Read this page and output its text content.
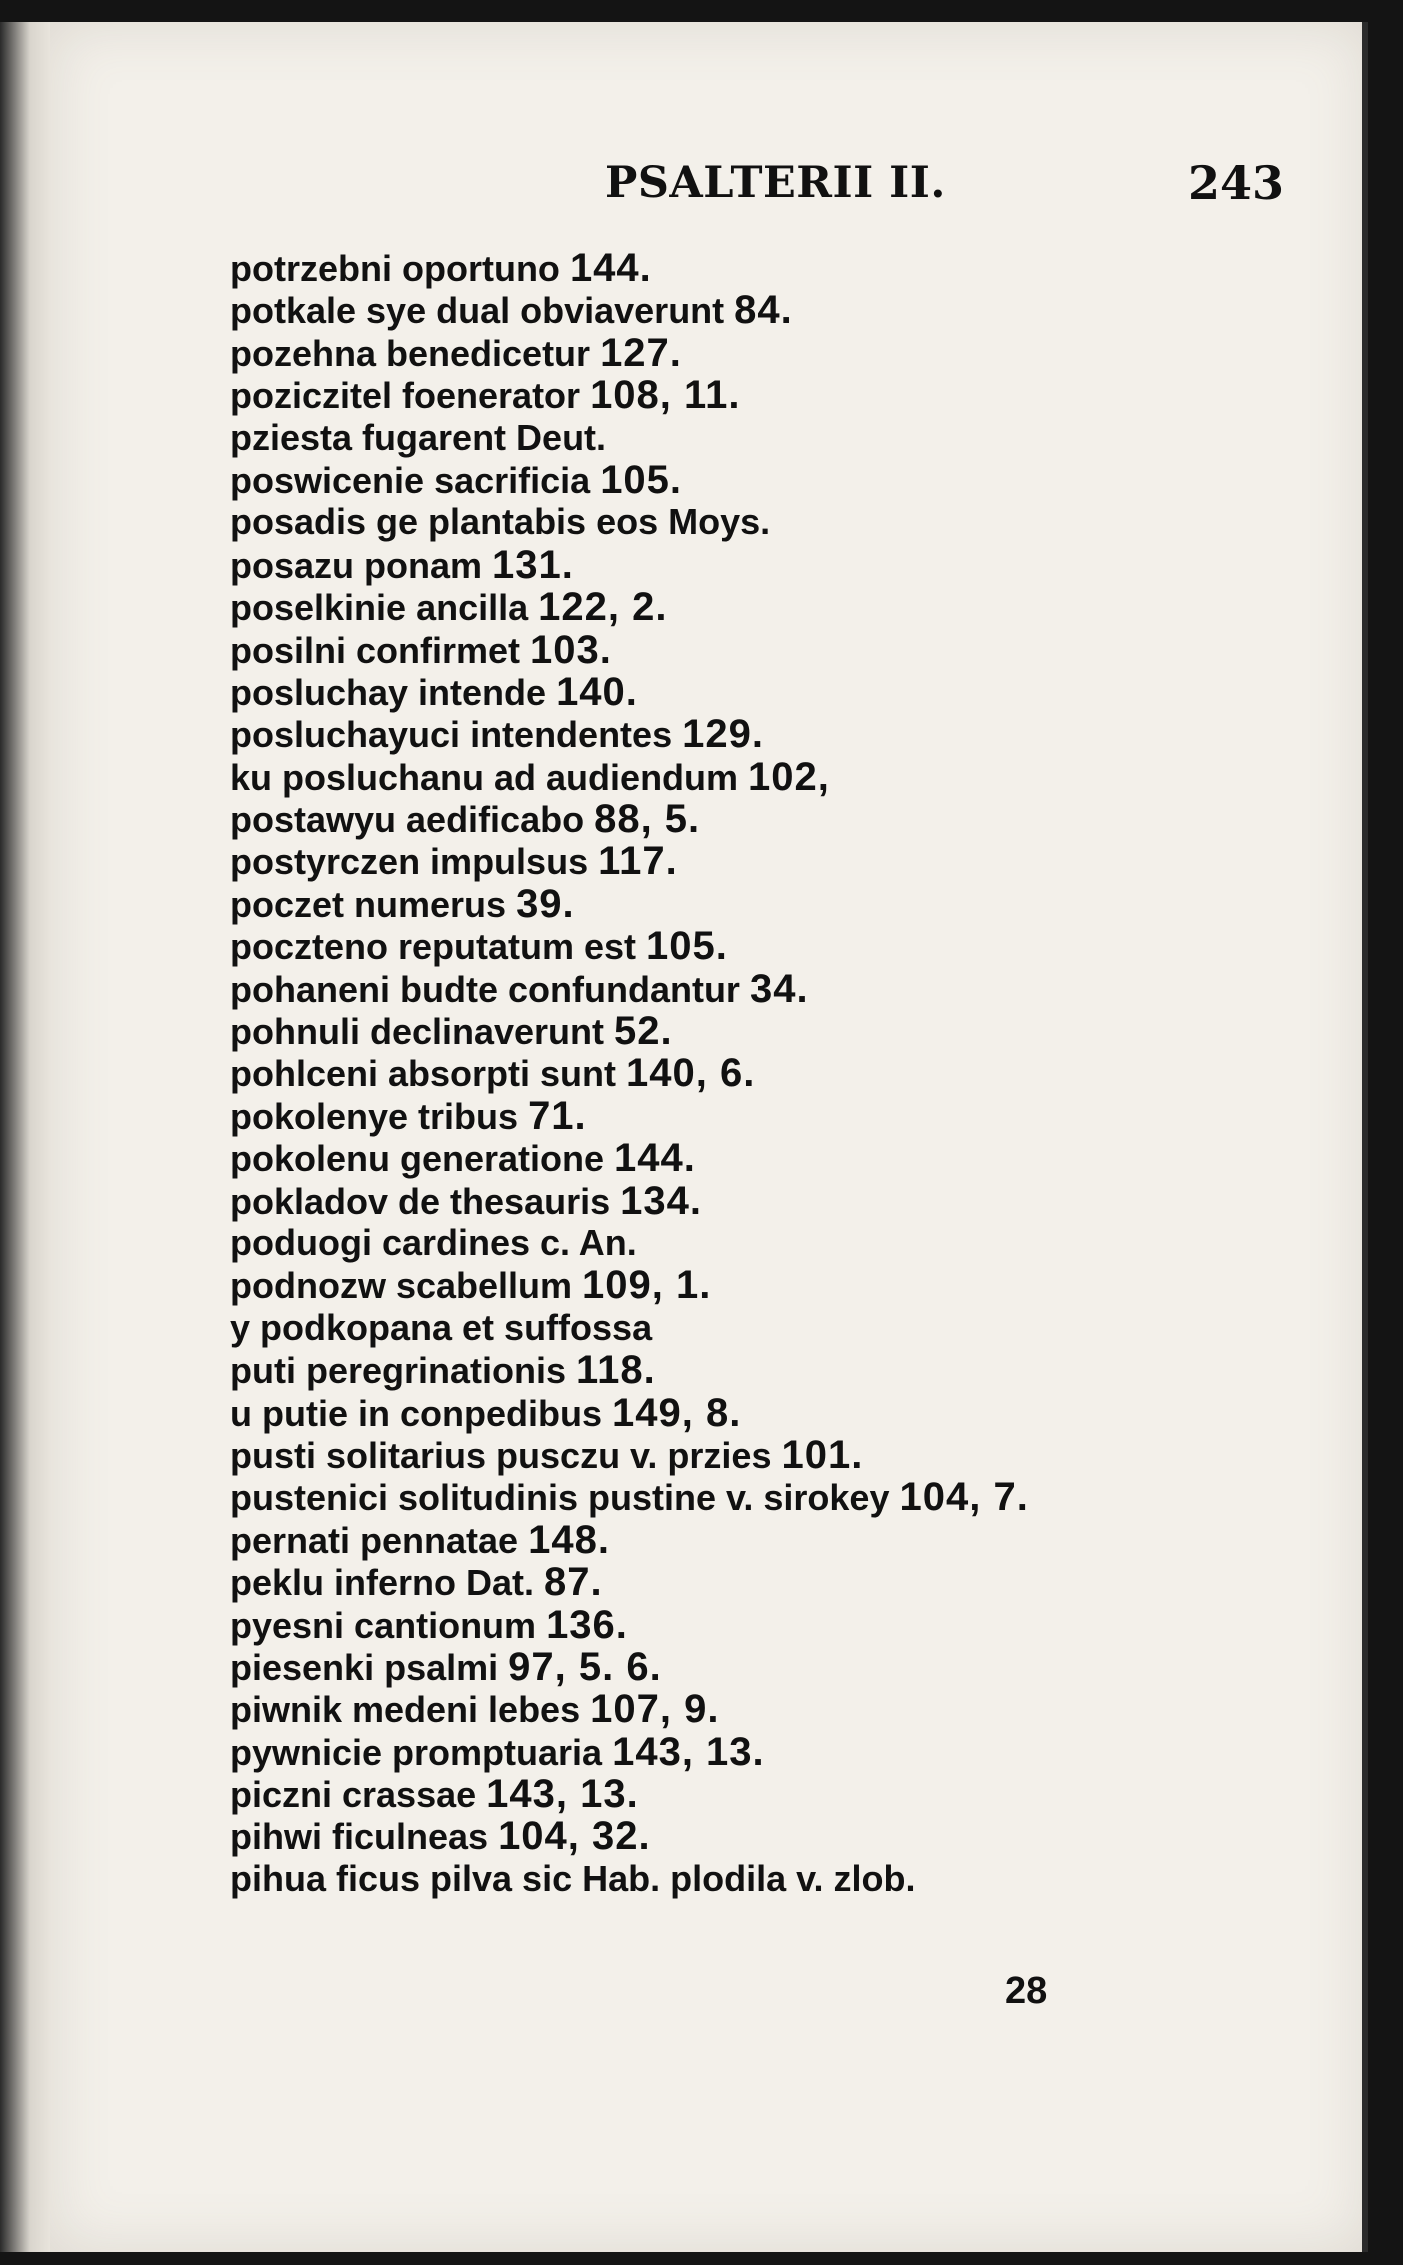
PSALTERII II.	243
potrzebni oportuno 144.
potkale sye dual obviaverunt 84.
pozehna benedicetur 127.
poziczitel foenerator 108, 11.
pziesta fugarent Deut.
poswicenie sacrificia 105.
posadis ge plantabis eos Moys.
posazu ponam 131.
poselkinie ancilla 122, 2.
posilni confirmet 103.
posluchay intende 140.
posluchayuci intendentes 129.
ku posluchanu ad audiendum 102,
postawyu aedificabo 88, 5.
postyrczen impulsus 117.
poczet numerus 39.
poczteno reputatum est 105.
pohaneni budte confundantur 34.
pohnuli declinaverunt 52.
pohlceni absorpti sunt 140, 6.
pokolenye tribus 71.
pokolenu generatione 144.
pokladov de thesauris 134.
poduogi cardines c. An.
podnozw scabellum 109, 1.
y podkopana et suffossa
puti peregrinationis 118.
u putie in conpedibus 149, 8.
pusti solitarius pusczu v. przies 101.
pustenici solitudinis pustine v. sirokey 104, 7.
pernati pennatae 148.
peklu inferno Dat. 87.
pyesni cantionum 136.
piesenki psalmi 97, 5. 6.
piwnik medeni lebes 107, 9.
pywnicie promptuaria 143, 13.
piczni crassae 143, 13.
pihwi ficulneas 104, 32.
pihua ficus pilva sic Hab. plodila v. zlob.
28
